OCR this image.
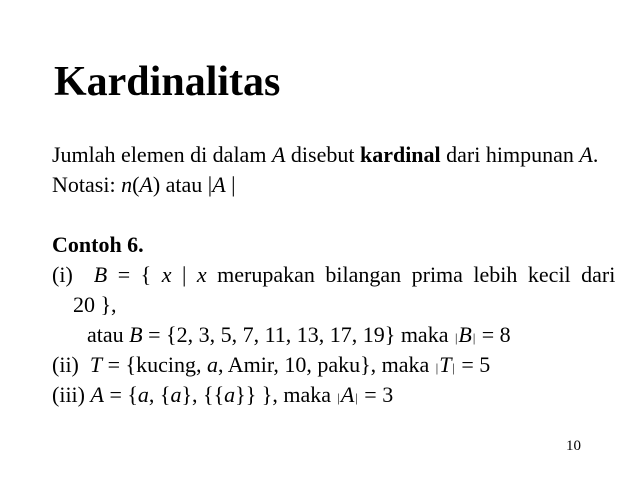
Kardinalitas
Jumlah elemen di dalam A disebut kardinal dari himpunan A.
Notasi: n(A) atau |A |
Contoh 6.
(i)  B = { x | x merupakan bilangan prima lebih kecil dari
20 },
atau B = {2, 3, 5, 7, 11, 13, 17, 19} maka |B| = 8
(ii)  T = {kucing, a, Amir, 10, paku}, maka |T| = 5
(iii) A = {a, {a}, {{a}} }, maka |A| = 3
10
